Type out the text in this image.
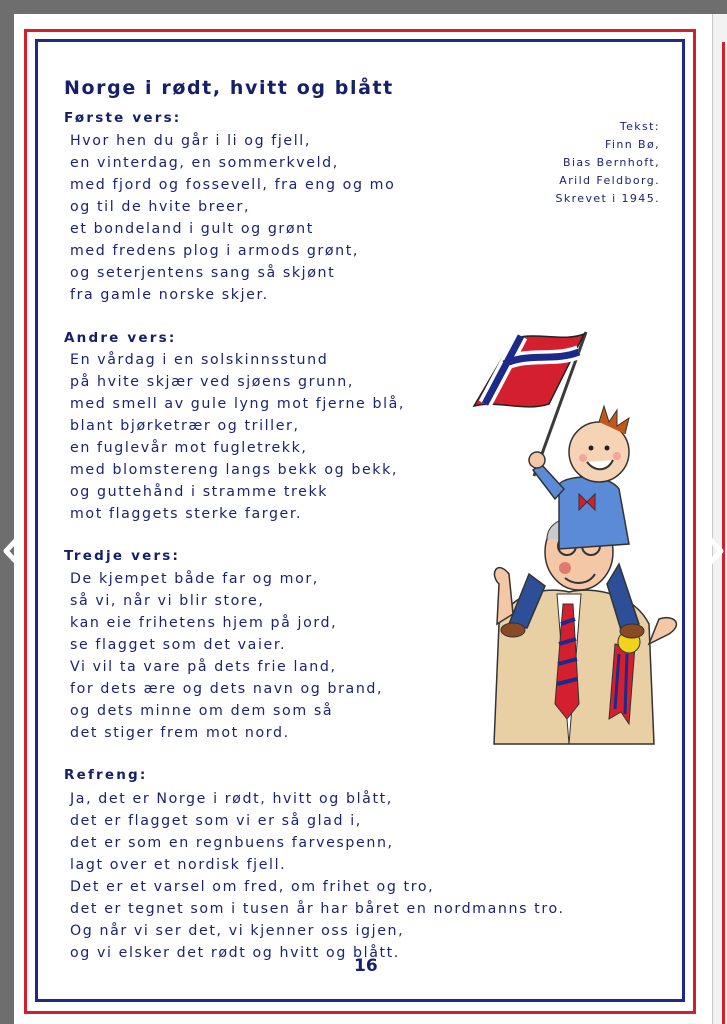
Norge i rødt, hvitt og blått
Tekst:
Finn Bø,
Bias Bernhoft,
Arild Feldborg.
Skrevet i 1945.
Første vers:
Hvor hen du går i li og fjell,
en vinterdag, en sommerkveld,
med fjord og fossevell, fra eng og mo
og til de hvite breer,
et bondeland i gult og grønt
med fredens plog i armods grønt,
og seterjentens sang så skjønt
fra gamle norske skjer.
Andre vers:
En vårdag i en solskinnsstund
på hvite skjær ved sjøens grunn,
med smell av gule lyng mot fjerne blå,
blant bjørketrær og triller,
en fuglevår mot fugletrekk,
med blomstereng langs bekk og bekk,
og guttehånd i stramme trekk
mot flaggets sterke farger.
Tredje vers:
De kjempet både far og mor,
så vi, når vi blir store,
kan eie frihetens hjem på jord,
se flagget som det vaier.
Vi vil ta vare på dets frie land,
for dets ære og dets navn og brand,
og dets minne om dem som så
det stiger frem mot nord.
Refreng:
Ja, det er Norge i rødt, hvitt og blått,
det er flagget som vi er så glad i,
det er som en regnbuens farvespenn,
lagt over et nordisk fjell.
Det er et varsel om fred, om frihet og tro,
det er tegnet som i tusen år har båret en nordmanns tro.
Og når vi ser det, vi kjenner oss igjen,
og vi elsker det rødt og hvitt og blått.
16
